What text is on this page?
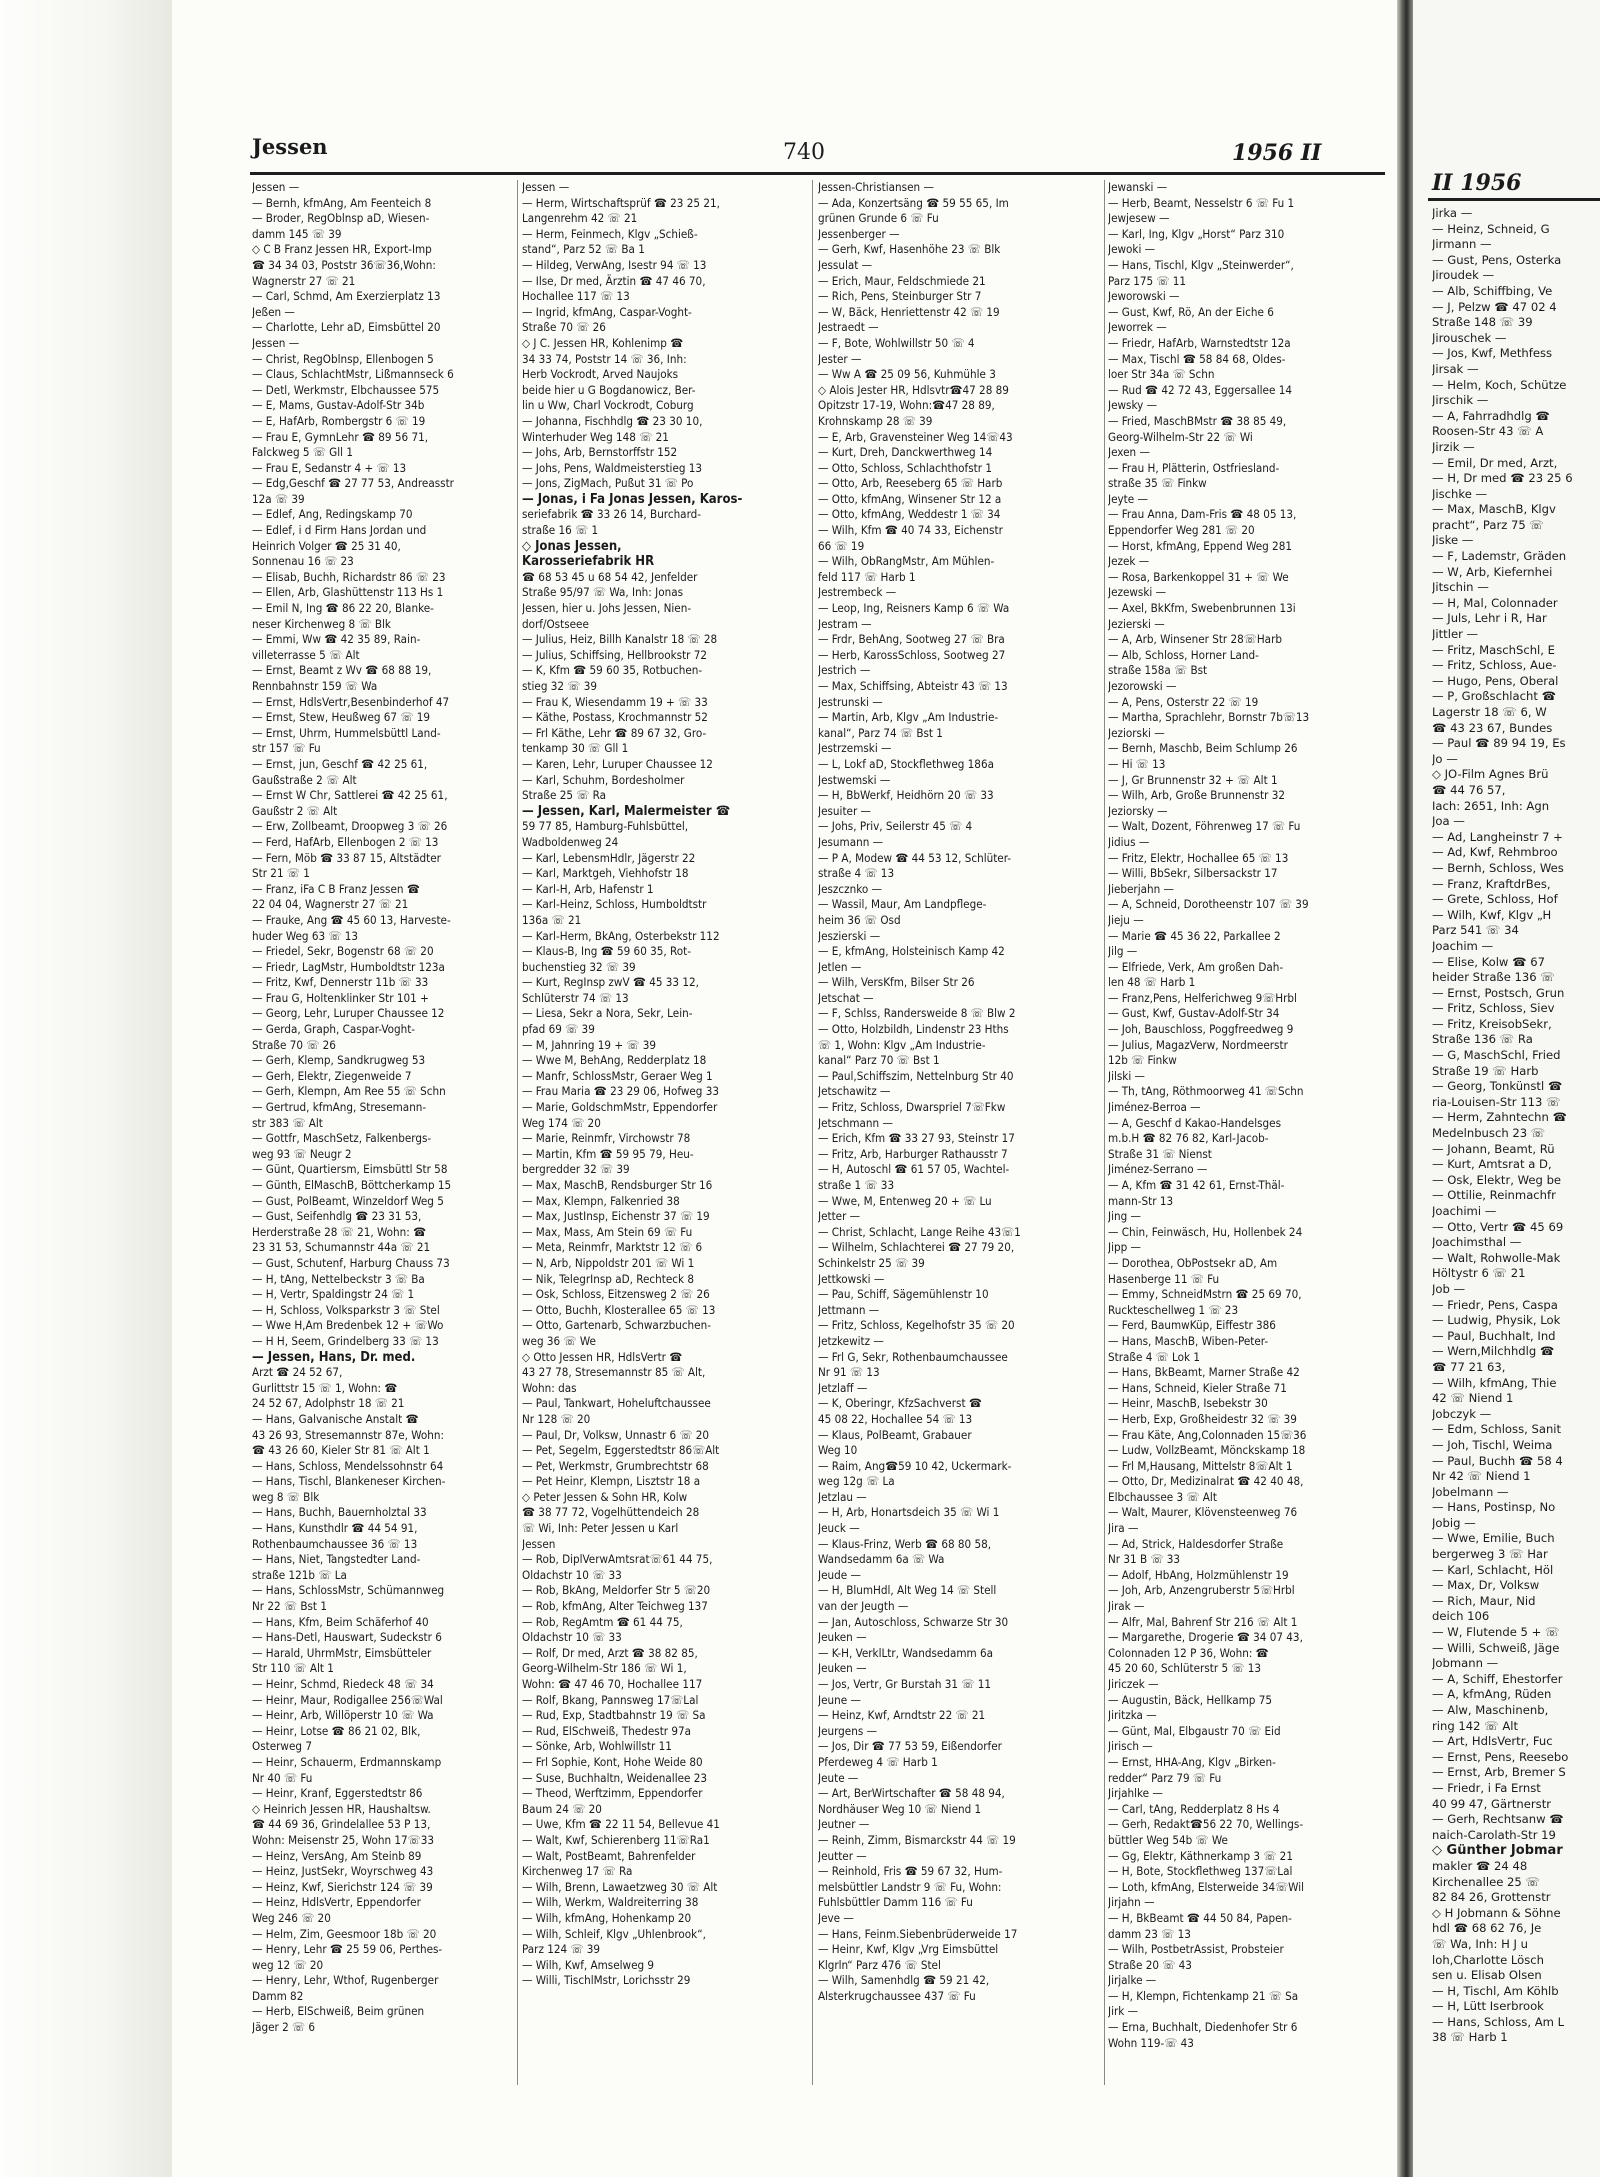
Jessen	740	1956 II

Jessen —

— Bernh, kfmAng, Am Feenteich 8

— Broder, RegOblnsp aD, Wiesen-

damm 145 ☏ 39

◇ C B Franz Jessen HR, Export-Imp

☎ 34 34 03, Poststr 36☏36,Wohn:

Wagnerstr 27 ☏ 21

— Carl, Schmd, Am Exerzierplatz 13

Jeßen —

— Charlotte, Lehr aD, Eimsbüttel 20

Jessen —

— Christ, RegOblnsp, Ellenbogen 5

— Claus, SchlachtMstr, Lißmannseck 6

— Detl, Werkmstr, Elbchaussee 575

— E, Mams, Gustav-Adolf-Str 34b

— E, HafArb, Rombergstr 6 ☏ 19

— Frau E, GymnLehr ☎ 89 56 71,

Falckweg 5 ☏ Gll 1

— Frau E, Sedanstr 4 + ☏ 13

— Edg,Geschf ☎ 27 77 53, Andreasstr

12a ☏ 39

— Edlef, Ang, Redingskamp 70

— Edlef, i d Firm Hans Jordan und

Heinrich Volger ☎ 25 31 40,

Sonnenau 16 ☏ 23

— Elisab, Buchh, Richardstr 86 ☏ 23

— Ellen, Arb, Glashüttenstr 113 Hs 1

— Emil N, Ing ☎ 86 22 20, Blanke-

neser Kirchenweg 8 ☏ Blk

— Emmi, Ww ☎ 42 35 89, Rain-

villeterrasse 5 ☏ Alt

— Ernst, Beamt z Wv ☎ 68 88 19,

Rennbahnstr 159 ☏ Wa

— Ernst, HdlsVertr,Besenbinderhof 47

— Ernst, Stew, Heußweg 67 ☏ 19

— Ernst, Uhrm, Hummelsbüttl Land-

str 157 ☏ Fu

— Ernst, jun, Geschf ☎ 42 25 61,

Gaußstraße 2 ☏ Alt

— Ernst W Chr, Sattlerei ☎ 42 25 61,

Gaußstr 2 ☏ Alt

— Erw, Zollbeamt, Droopweg 3 ☏ 26

— Ferd, HafArb, Ellenbogen 2 ☏ 13

— Fern, Möb ☎ 33 87 15, Altstädter

Str 21 ☏ 1

— Franz, iFa C B Franz Jessen ☎

22 04 04, Wagnerstr 27 ☏ 21

— Frauke, Ang ☎ 45 60 13, Harveste-

huder Weg 63 ☏ 13

— Friedel, Sekr, Bogenstr 68 ☏ 20

— Friedr, LagMstr, Humboldtstr 123a

— Fritz, Kwf, Dennerstr 11b ☏ 33

— Frau G, Holtenklinker Str 101 +

— Georg, Lehr, Luruper Chaussee 12

— Gerda, Graph, Caspar-Voght-

Straße 70 ☏ 26

— Gerh, Klemp, Sandkrugweg 53

— Gerh, Elektr, Ziegenweide 7

— Gerh, Klempn, Am Ree 55 ☏ Schn

— Gertrud, kfmAng, Stresemann-

str 383 ☏ Alt

— Gottfr, MaschSetz, Falkenbergs-

weg 93 ☏ Neugr 2

— Günt, Quartiersm, Eimsbüttl Str 58

— Günth, ElMaschB, Böttcherkamp 15

— Gust, PolBeamt, Winzeldorf Weg 5

— Gust, Seifenhdlg ☎ 23 31 53,

Herderstraße 28 ☏ 21, Wohn: ☎

23 31 53, Schumannstr 44a ☏ 21

— Gust, Schutenf, Harburg Chauss 73

— H, tAng, Nettelbeckstr 3 ☏ Ba

— H, Vertr, Spaldingstr 24 ☏ 1

— H, Schloss, Volksparkstr 3 ☏ Stel

— Wwe H,Am Bredenbek 12 + ☏Wo

— H H, Seem, Grindelberg 33 ☏ 13

— Jessen, Hans, Dr. med.

Arzt ☎ 24 52 67,

Gurlittstr 15 ☏ 1, Wohn: ☎

24 52 67, Adolphstr 18 ☏ 21

— Hans, Galvanische Anstalt ☎

43 26 93, Stresemannstr 87e, Wohn:

☎ 43 26 60, Kieler Str 81 ☏ Alt 1

— Hans, Schloss, Mendelssohnstr 64

— Hans, Tischl, Blankeneser Kirchen-

weg 8 ☏ Blk

— Hans, Buchh, Bauernholztal 33

— Hans, Kunsthdlr ☎ 44 54 91,

Rothenbaumchaussee 36 ☏ 13

— Hans, Niet, Tangstedter Land-

straße 121b ☏ La

— Hans, SchlossMstr, Schümannweg

Nr 22 ☏ Bst 1

— Hans, Kfm, Beim Schäferhof 40

— Hans-Detl, Hauswart, Sudeckstr 6

— Harald, UhrmMstr, Eimsbütteler

Str 110 ☏ Alt 1

— Heinr, Schmd, Riedeck 48 ☏ 34

— Heinr, Maur, Rodigallee 256☏Wal

— Heinr, Arb, Willöperstr 10 ☏ Wa

— Heinr, Lotse ☎ 86 21 02, Blk,

Osterweg 7

— Heinr, Schauerm, Erdmannskamp

Nr 40 ☏ Fu

— Heinr, Kranf, Eggerstedtstr 86

◇ Heinrich Jessen HR, Haushaltsw.

☎ 44 69 36, Grindelallee 53 P 13,

Wohn: Meisenstr 25, Wohn 17☏33

— Heinz, VersAng, Am Steinb 89

— Heinz, JustSekr, Woyrschweg 43

— Heinz, Kwf, Sierichstr 124 ☏ 39

— Heinz, HdlsVertr, Eppendorfer

Weg 246 ☏ 20

— Helm, Zim, Geesmoor 18b ☏ 20

— Henry, Lehr ☎ 25 59 06, Perthes-

weg 12 ☏ 20

— Henry, Lehr, Wthof, Rugenberger

Damm 82

— Herb, ElSchweiß, Beim grünen

Jäger 2 ☏ 6

Jessen —

— Herm, Wirtschaftsprüf ☎ 23 25 21,

Langenrehm 42 ☏ 21

— Herm, Feinmech, Klgv „Schieß-

stand“, Parz 52 ☏ Ba 1

— Hildeg, VerwAng, Isestr 94 ☏ 13

— Ilse, Dr med, Ärztin ☎ 47 46 70,

Hochallee 117 ☏ 13

— Ingrid, kfmAng, Caspar-Voght-

Straße 70 ☏ 26

◇ J C. Jessen HR, Kohlenimp ☎

34 33 74, Poststr 14 ☏ 36, Inh:

Herb Vockrodt, Arved Naujoks

beide hier u G Bogdanowicz, Ber-

lin u Ww, Charl Vockrodt, Coburg

— Johanna, Fischhdlg ☎ 23 30 10,

Winterhuder Weg 148 ☏ 21

— Johs, Arb, Bernstorffstr 152

— Johs, Pens, Waldmeisterstieg 13

— Jons, ZigMach, Pußut 31 ☏ Po

— Jonas, i Fa Jonas Jessen, Karos-

seriefabrik ☎ 33 26 14, Burchard-

straße 16 ☏ 1

◇ Jonas Jessen,

Karosseriefabrik HR

☎ 68 53 45 u 68 54 42, Jenfelder

Straße 95/97 ☏ Wa, Inh: Jonas

Jessen, hier u. Johs Jessen, Nien-

dorf/Ostseee

— Julius, Heiz, Billh Kanalstr 18 ☏ 28

— Julius, Schiffsing, Hellbrookstr 72

— K, Kfm ☎ 59 60 35, Rotbuchen-

stieg 32 ☏ 39

— Frau K, Wiesendamm 19 + ☏ 33

— Käthe, Postass, Krochmannstr 52

— Frl Käthe, Lehr ☎ 89 67 32, Gro-

tenkamp 30 ☏ Gll 1

— Karen, Lehr, Luruper Chaussee 12

— Karl, Schuhm, Bordesholmer

Straße 25 ☏ Ra

— Jessen, Karl, Malermeister ☎

59 77 85, Hamburg-Fuhlsbüttel,

Wadboldenweg 24

— Karl, LebensmHdlr, Jägerstr 22

— Karl, Marktgeh, Viehhofstr 18

— Karl-H, Arb, Hafenstr 1

— Karl-Heinz, Schloss, Humboldtstr

136a ☏ 21

— Karl-Herm, BkAng, Osterbekstr 112

— Klaus-B, Ing ☎ 59 60 35, Rot-

buchenstieg 32 ☏ 39

— Kurt, RegInsp zwV ☎ 45 33 12,

Schlüterstr 74 ☏ 13

— Liesa, Sekr a Nora, Sekr, Lein-

pfad 69 ☏ 39

— M, Jahnring 19 + ☏ 39

— Wwe M, BehAng, Redderplatz 18

— Manfr, SchlossMstr, Geraer Weg 1

— Frau Maria ☎ 23 29 06, Hofweg 33

— Marie, GoldschmMstr, Eppendorfer

Weg 174 ☏ 20

— Marie, Reinmfr, Virchowstr 78

— Martin, Kfm ☎ 59 95 79, Heu-

bergredder 32 ☏ 39

— Max, MaschB, Rendsburger Str 16

— Max, Klempn, Falkenried 38

— Max, JustInsp, Eichenstr 37 ☏ 19

— Max, Mass, Am Stein 69 ☏ Fu

— Meta, Reinmfr, Marktstr 12 ☏ 6

— N, Arb, Nippoldstr 201 ☏ Wi 1

— Nik, TelegrInsp aD, Rechteck 8

— Osk, Schloss, Eitzensweg 2 ☏ 26

— Otto, Buchh, Klosterallee 65 ☏ 13

— Otto, Gartenarb, Schwarzbuchen-

weg 36 ☏ We

◇ Otto Jessen HR, HdlsVertr ☎

43 27 78, Stresemannstr 85 ☏ Alt,

Wohn: das

— Paul, Tankwart, Hoheluftchaussee

Nr 128 ☏ 20

— Paul, Dr, Volksw, Unnastr 6 ☏ 20

— Pet, Segelm, Eggerstedtstr 86☏Alt

— Pet, Werkmstr, Grumbrechtstr 68

— Pet Heinr, Klempn, Lisztstr 18 a

◇ Peter Jessen & Sohn HR, Kolw

☎ 38 77 72, Vogelhüttendeich 28

☏ Wi, Inh: Peter Jessen u Karl

Jessen

— Rob, DiplVerwAmtsrat☏61 44 75,

Oldachstr 10 ☏ 33

— Rob, BkAng, Meldorfer Str 5 ☏20

— Rob, kfmAng, Alter Teichweg 137

— Rob, RegAmtm ☎ 61 44 75,

Oldachstr 10 ☏ 33

— Rolf, Dr med, Arzt ☎ 38 82 85,

Georg-Wilhelm-Str 186 ☏ Wi 1,

Wohn: ☎ 47 46 70, Hochallee 117

— Rolf, Bkang, Pannsweg 17☏Lal

— Rud, Exp, Stadtbahnstr 19 ☏ Sa

— Rud, ElSchweiß, Thedestr 97a

— Sönke, Arb, Wohlwillstr 11

— Frl Sophie, Kont, Hohe Weide 80

— Suse, Buchhaltn, Weidenallee 23

— Theod, Werftzimm, Eppendorfer

Baum 24 ☏ 20

— Uwe, Kfm ☎ 22 11 54, Bellevue 41

— Walt, Kwf, Schierenberg 11☏Ra1

— Walt, PostBeamt, Bahrenfelder

Kirchenweg 17 ☏ Ra

— Wilh, Brenn, Lawaetzweg 30 ☏ Alt

— Wilh, Werkm, Waldreiterring 38

— Wilh, kfmAng, Hohenkamp 20

— Wilh, Schleif, Klgv „Uhlenbrook“,

Parz 124 ☏ 39

— Wilh, Kwf, Amselweg 9

— Willi, TischlMstr, Lorichsstr 29

Jessen-Christiansen —

— Ada, Konzertsäng ☎ 59 55 65, Im

grünen Grunde 6 ☏ Fu

Jessenberger —

— Gerh, Kwf, Hasenhöhe 23 ☏ Blk

Jessulat —

— Erich, Maur, Feldschmiede 21

— Rich, Pens, Steinburger Str 7

— W, Bäck, Henriettenstr 42 ☏ 19

Jestraedt —

— F, Bote, Wohlwillstr 50 ☏ 4

Jester —

— Ww A ☎ 25 09 56, Kuhmühle 3

◇ Alois Jester HR, Hdlsvtr☎47 28 89

Opitzstr 17-19, Wohn:☎47 28 89,

Krohnskamp 28 ☏ 39

— E, Arb, Gravensteiner Weg 14☏43

— Kurt, Dreh, Danckwerthweg 14

— Otto, Schloss, Schlachthofstr 1

— Otto, Arb, Reeseberg 65 ☏ Harb

— Otto, kfmAng, Winsener Str 12 a

— Otto, kfmAng, Weddestr 1 ☏ 34

— Wilh, Kfm ☎ 40 74 33, Eichenstr

66 ☏ 19

— Wilh, ObRangMstr, Am Mühlen-

feld 117 ☏ Harb 1

Jestrembeck —

— Leop, Ing, Reisners Kamp 6 ☏ Wa

Jestram —

— Frdr, BehAng, Sootweg 27 ☏ Bra

— Herb, KarossSchloss, Sootweg 27

Jestrich —

— Max, Schiffsing, Abteistr 43 ☏ 13

Jestrunski —

— Martin, Arb, Klgv „Am Industrie-

kanal“, Parz 74 ☏ Bst 1

Jestrzemski —

— L, Lokf aD, Stockflethweg 186a

Jestwemski —

— H, BbWerkf, Heidhörn 20 ☏ 33

Jesuiter —

— Johs, Priv, Seilerstr 45 ☏ 4

Jesumann —

— P A, Modew ☎ 44 53 12, Schlüter-

straße 4 ☏ 13

Jeszcznko —

— Wassil, Maur, Am Landpflege-

heim 36 ☏ Osd

Jeszierski —

— E, kfmAng, Holsteinisch Kamp 42

Jetlen —

— Wilh, VersKfm, Bilser Str 26

Jetschat —

— F, Schlss, Randersweide 8 ☏ Blw 2

— Otto, Holzbildh, Lindenstr 23 Hths

☏ 1, Wohn: Klgv „Am Industrie-

kanal“ Parz 70 ☏ Bst 1

— Paul,Schiffszim, Nettelnburg Str 40

Jetschawitz —

— Fritz, Schloss, Dwarspriel 7☏Fkw

Jetschmann —

— Erich, Kfm ☎ 33 27 93, Steinstr 17

— Fritz, Arb, Harburger Rathausstr 7

— H, Autoschl ☎ 61 57 05, Wachtel-

straße 1 ☏ 33

— Wwe, M, Entenweg 20 + ☏ Lu

Jetter —

— Christ, Schlacht, Lange Reihe 43☏1

— Wilhelm, Schlachterei ☎ 27 79 20,

Schinkelstr 25 ☏ 39

Jettkowski —

— Pau, Schiff, Sägemühlenstr 10

Jettmann —

— Fritz, Schloss, Kegelhofstr 35 ☏ 20

Jetzkewitz —

— Frl G, Sekr, Rothenbaumchaussee

Nr 91 ☏ 13

Jetzlaff —

— K, Oberingr, KfzSachverst ☎

45 08 22, Hochallee 54 ☏ 13

— Klaus, PolBeamt, Grabauer

Weg 10

— Raim, Ang☎59 10 42, Uckermark-

weg 12g ☏ La

Jetzlau —

— H, Arb, Honartsdeich 35 ☏ Wi 1

Jeuck —

— Klaus-Frinz, Werb ☎ 68 80 58,

Wandsedamm 6a ☏ Wa

Jeude —

— H, BlumHdl, Alt Weg 14 ☏ Stell

van der Jeugth —

— Jan, Autoschloss, Schwarze Str 30

Jeuken —

— K-H, VerklLtr, Wandsedamm 6a

Jeuken —

— Jos, Vertr, Gr Burstah 31 ☏ 11

Jeune —

— Heinz, Kwf, Arndtstr 22 ☏ 21

Jeurgens —

— Jos, Dir ☎ 77 53 59, Eißendorfer

Pferdeweg 4 ☏ Harb 1

Jeute —

— Art, BerWirtschafter ☎ 58 48 94,

Nordhäuser Weg 10 ☏ Niend 1

Jeutner —

— Reinh, Zimm, Bismarckstr 44 ☏ 19

Jeutter —

— Reinhold, Fris ☎ 59 67 32, Hum-

melsbüttler Landstr 9 ☏ Fu, Wohn:

Fuhlsbüttler Damm 116 ☏ Fu

Jeve —

— Hans, Feinm.Siebenbrüderweide 17

— Heinr, Kwf, Klgv „Vrg Eimsbüttel

Klgrln“ Parz 476 ☏ Stel

— Wilh, Samenhdlg ☎ 59 21 42,

Alsterkrugchaussee 437 ☏ Fu

Jewanski —

— Herb, Beamt, Nesselstr 6 ☏ Fu 1

Jewjesew —

— Karl, Ing, Klgv „Horst“ Parz 310

Jewoki —

— Hans, Tischl, Klgv „Steinwerder“,

Parz 175 ☏ 11

Jeworowski —

— Gust, Kwf, Rö, An der Eiche 6

Jeworrek —

— Friedr, HafArb, Warnstedtstr 12a

— Max, Tischl ☎ 58 84 68, Oldes-

loer Str 34a ☏ Schn

— Rud ☎ 42 72 43, Eggersallee 14

Jewsky —

— Fried, MaschBMstr ☎ 38 85 49,

Georg-Wilhelm-Str 22 ☏ Wi

Jexen —

— Frau H, Plätterin, Ostfriesland-

straße 35 ☏ Finkw

Jeyte —

— Frau Anna, Dam-Fris ☎ 48 05 13,

Eppendorfer Weg 281 ☏ 20

— Horst, kfmAng, Eppend Weg 281

Jezek —

— Rosa, Barkenkoppel 31 + ☏ We

Jezewski —

— Axel, BkKfm, Swebenbrunnen 13i

Jezierski —

— A, Arb, Winsener Str 28☏Harb

— Alb, Schloss, Horner Land-

straße 158a ☏ Bst

Jezorowski —

— A, Pens, Osterstr 22 ☏ 19

— Martha, Sprachlehr, Bornstr 7b☏13

Jeziorski —

— Bernh, Maschb, Beim Schlump 26

— Hi ☏ 13

— J, Gr Brunnenstr 32 + ☏ Alt 1

— Wilh, Arb, Große Brunnenstr 32

Jeziorsky —

— Walt, Dozent, Föhrenweg 17 ☏ Fu

Jidius —

— Fritz, Elektr, Hochallee 65 ☏ 13

— Willi, BbSekr, Silbersackstr 17

Jieberjahn —

— A, Schneid, Dorotheenstr 107 ☏ 39

Jieju —

— Marie ☎ 45 36 22, Parkallee 2

Jilg —

— Elfriede, Verk, Am großen Dah-

len 48 ☏ Harb 1

— Franz,Pens, Helferichweg 9☏Hrbl

— Gust, Kwf, Gustav-Adolf-Str 34

— Joh, Bauschloss, Poggfreedweg 9

— Julius, MagazVerw, Nordmeerstr

12b ☏ Finkw

Jilski —

— Th, tAng, Röthmoorweg 41 ☏Schn

Jiménez-Berroa —

— A, Geschf d Kakao-Handelsges

m.b.H ☎ 82 76 82, Karl-Jacob-

Straße 31 ☏ Nienst

Jiménez-Serrano —

— A, Kfm ☎ 31 42 61, Ernst-Thäl-

mann-Str 13

Jing —

— Chin, Feinwäsch, Hu, Hollenbek 24

Jipp —

— Dorothea, ObPostsekr aD, Am

Hasenberge 11 ☏ Fu

— Emmy, SchneidMstrn ☎ 25 69 70,

Ruckteschellweg 1 ☏ 23

— Ferd, BaumwKüp, Eiffestr 386

— Hans, MaschB, Wiben-Peter-

Straße 4 ☏ Lok 1

— Hans, BkBeamt, Marner Straße 42

— Hans, Schneid, Kieler Straße 71

— Heinr, MaschB, Isebekstr 30

— Herb, Exp, Großheidestr 32 ☏ 39

— Frau Käte, Ang,Colonnaden 15☏36

— Ludw, VollzBeamt, Mönckskamp 18

— Frl M,Hausang, Mittelstr 8☏Alt 1

— Otto, Dr, Medizinalrat ☎ 42 40 48,

Elbchaussee 3 ☏ Alt

— Walt, Maurer, Klövensteenweg 76

Jira —

— Ad, Strick, Haldesdorfer Straße

Nr 31 B ☏ 33

— Adolf, HbAng, Holzmühlenstr 19

— Joh, Arb, Anzengruberstr 5☏Hrbl

Jirak —

— Alfr, Mal, Bahrenf Str 216 ☏ Alt 1

— Margarethe, Drogerie ☎ 34 07 43,

Colonnaden 12 P 36, Wohn: ☎

45 20 60, Schlüterstr 5 ☏ 13

Jiriczek —

— Augustin, Bäck, Hellkamp 75

Jiritzka —

— Günt, Mal, Elbgaustr 70 ☏ Eid

Jirisch —

— Ernst, HHA-Ang, Klgv „Birken-

redder“ Parz 79 ☏ Fu

Jirjahlke —

— Carl, tAng, Redderplatz 8 Hs 4

— Gerh, Redakt☎56 22 70, Wellings-

büttler Weg 54b ☏ We

— Gg, Elektr, Käthnerkamp 3 ☏ 21

— H, Bote, Stockflethweg 137☏Lal

— Loth, kfmAng, Elsterweide 34☏Wil

Jirjahn —

— H, BkBeamt ☎ 44 50 84, Papen-

damm 23 ☏ 13

— Wilh, PostbetrAssist, Probsteier

Straße 20 ☏ 43

Jirjalke —

— H, Klempn, Fichtenkamp 21 ☏ Sa

Jirk —

— Erna, Buchhalt, Diedenhofer Str 6

Wohn 119-☏ 43

II 1956

Jirka —

— Heinz, Schneid, G

Jirmann —

— Gust, Pens, Osterka

Jiroudek —

— Alb, Schiffbing, Ve

— J, Pelzw ☎ 47 02 4

Straße 148 ☏ 39

Jirouschek —

— Jos, Kwf, Methfess

Jirsak —

— Helm, Koch, Schütze

Jirschik —

— A, Fahrradhdlg ☎

Roosen-Str 43 ☏ A

Jirzik —

— Emil, Dr med, Arzt,

— H, Dr med ☎ 23 25 6

Jischke —

— Max, MaschB, Klgv

pracht“, Parz 75 ☏

Jiske —

— F, Lademstr, Gräden

— W, Arb, Kiefernhei

Jitschin —

— H, Mal, Colonnader

— Juls, Lehr i R, Har

Jittler —

— Fritz, MaschSchl, E

— Fritz, Schloss, Aue-

— Hugo, Pens, Oberal

— P, Großschlacht ☎

Lagerstr 18 ☏ 6, W

☎ 43 23 67, Bundes

— Paul ☎ 89 94 19, Es

Jo —

◇ JO-Film Agnes Brü

☎ 44 76 57,

Iach: 2651, Inh: Agn

Joa —

— Ad, Langheinstr 7 +

— Ad, Kwf, Rehmbroo

— Bernh, Schloss, Wes

— Franz, KraftdrBes,

— Grete, Schloss, Hof

— Wilh, Kwf, Klgv „H

Parz 541 ☏ 34

Joachim —

— Elise, Kolw ☎ 67

heider Straße 136 ☏

— Ernst, Postsch, Grun

— Fritz, Schloss, Siev

— Fritz, KreisobSekr,

Straße 136 ☏ Ra

— G, MaschSchl, Fried

Straße 19 ☏ Harb

— Georg, Tonkünstl ☎

ria-Louisen-Str 113 ☏

— Herm, Zahntechn ☎

Medelnbusch 23 ☏

— Johann, Beamt, Rü

— Kurt, Amtsrat a D,

— Osk, Elektr, Weg be

— Ottilie, Reinmachfr

Joachimi —

— Otto, Vertr ☎ 45 69

Joachimsthal —

— Walt, Rohwolle-Mak

Höltystr 6 ☏ 21

Job —

— Friedr, Pens, Caspa

— Ludwig, Physik, Lok

— Paul, Buchhalt, Ind

— Wern,Milchhdlg ☎

☎ 77 21 63,

— Wilh, kfmAng, Thie

42 ☏ Niend 1

Jobczyk —

— Edm, Schloss, Sanit

— Joh, Tischl, Weima

— Paul, Buchh ☎ 58 4

Nr 42 ☏ Niend 1

Jobelmann —

— Hans, Postinsp, No

Jobig —

— Wwe, Emilie, Buch

bergerweg 3 ☏ Har

— Karl, Schlacht, Höl

— Max, Dr, Volksw

— Rich, Maur, Nid

deich 106

— W, Flutende 5 + ☏

— Willi, Schweiß, Jäge

Jobmann —

— A, Schiff, Ehestorfer

— A, kfmAng, Rüden

— Alw, Maschinenb,

ring 142 ☏ Alt

— Art, HdlsVertr, Fuc

— Ernst, Pens, Reesebo

— Ernst, Arb, Bremer S

— Friedr, i Fa Ernst

40 99 47, Gärtnerstr

— Gerh, Rechtsanw ☎

naich-Carolath-Str 19

◇ Günther Jobmar

makler ☎ 24 48

Kirchenallee 25 ☏

82 84 26, Grottenstr

◇ H Jobmann & Söhne

hdl ☎ 68 62 76, Je

☏ Wa, Inh: H J u

loh,Charlotte Lösch

sen u. Elisab Olsen

— H, Tischl, Am Köhlb

— H, Lütt Iserbrook

— Hans, Schloss, Am L

38 ☏ Harb 1
